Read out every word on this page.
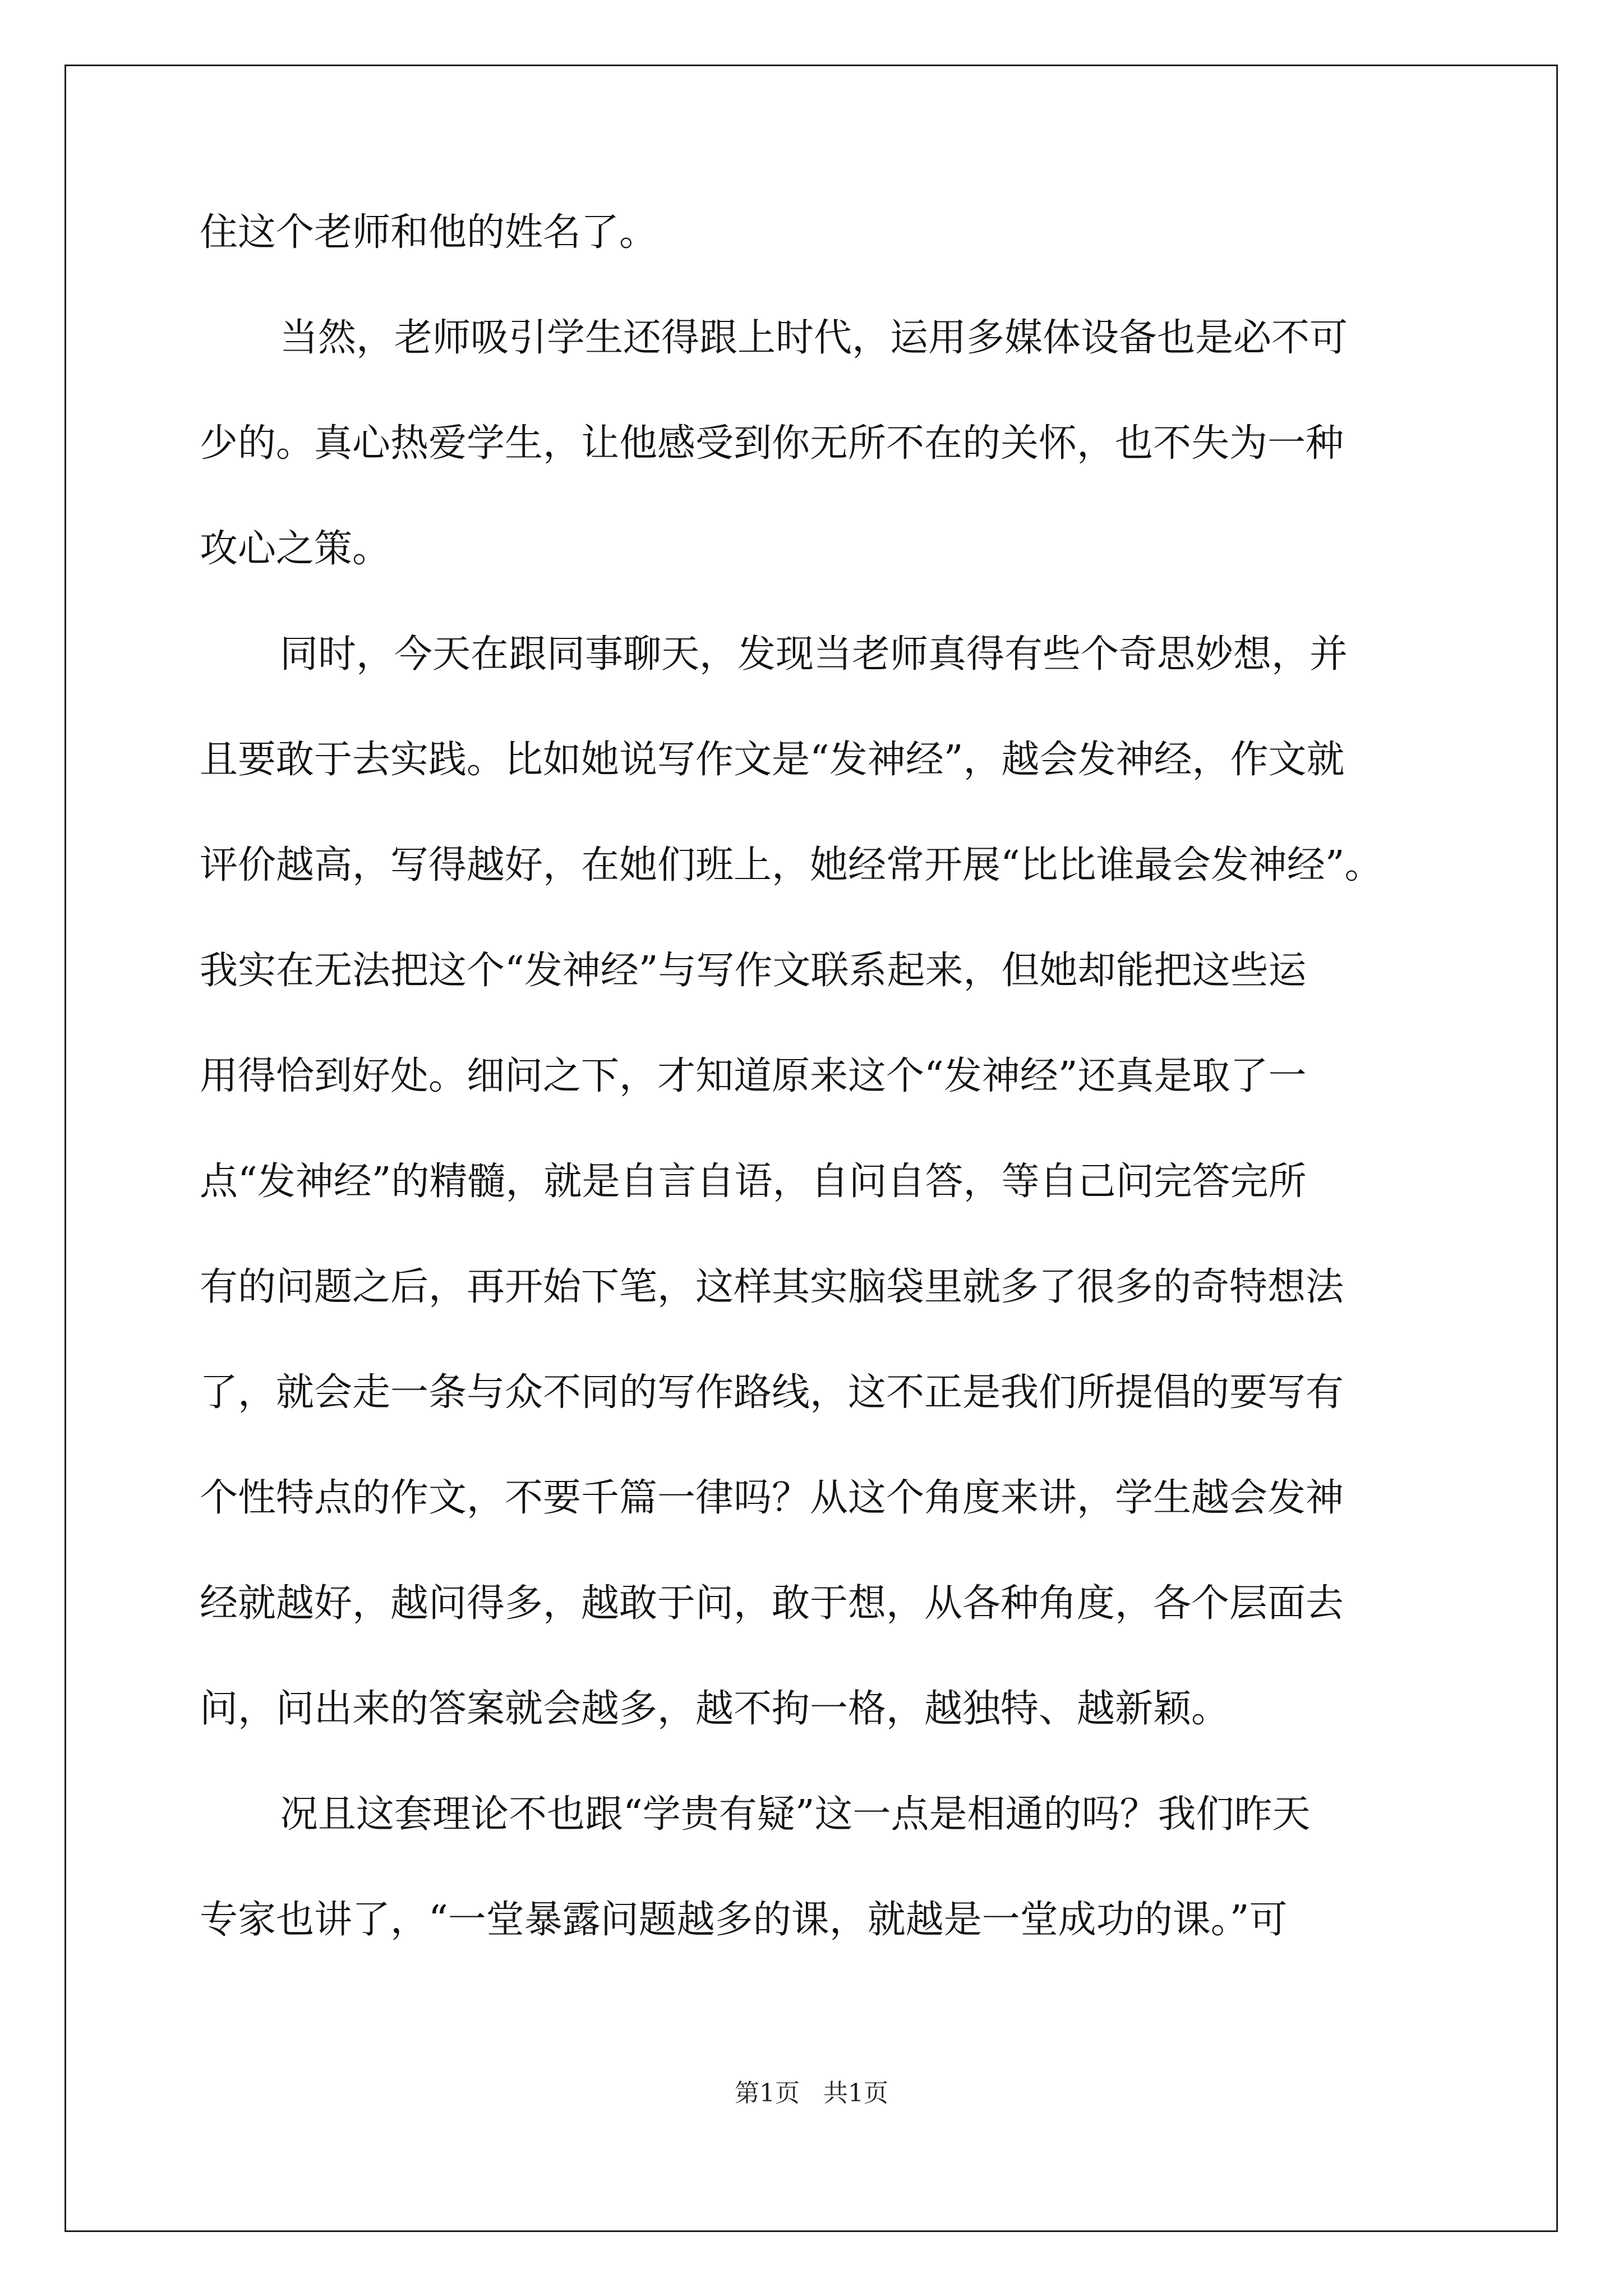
住这个老师和他的姓名了。
当然，老师吸引学生还得跟上时代，运用多媒体设备也是必不可
少的。真心热爱学生，让他感受到你无所不在的关怀，也不失为一种
攻心之策。
同时，今天在跟同事聊天，发现当老师真得有些个奇思妙想，并
且要敢于去实践。比如她说写作文是“发神经”，越会发神经，作文就
评价越高，写得越好，在她们班上，她经常开展“比比谁最会发神经”。
我实在无法把这个“发神经”与写作文联系起来，但她却能把这些运
用得恰到好处。细问之下，才知道原来这个“发神经”还真是取了一
点“发神经”的精髓，就是自言自语，自问自答，等自己问完答完所
有的问题之后，再开始下笔，这样其实脑袋里就多了很多的奇特想法
了，就会走一条与众不同的写作路线，这不正是我们所提倡的要写有
个性特点的作文，不要千篇一律吗？从这个角度来讲，学生越会发神
经就越好，越问得多，越敢于问，敢于想，从各种角度，各个层面去
问，问出来的答案就会越多，越不拘一格，越独特、越新颖。
况且这套理论不也跟“学贵有疑”这一点是相通的吗？我们昨天
专家也讲了，“一堂暴露问题越多的课，就越是一堂成功的课。”可
第1页 共1页
